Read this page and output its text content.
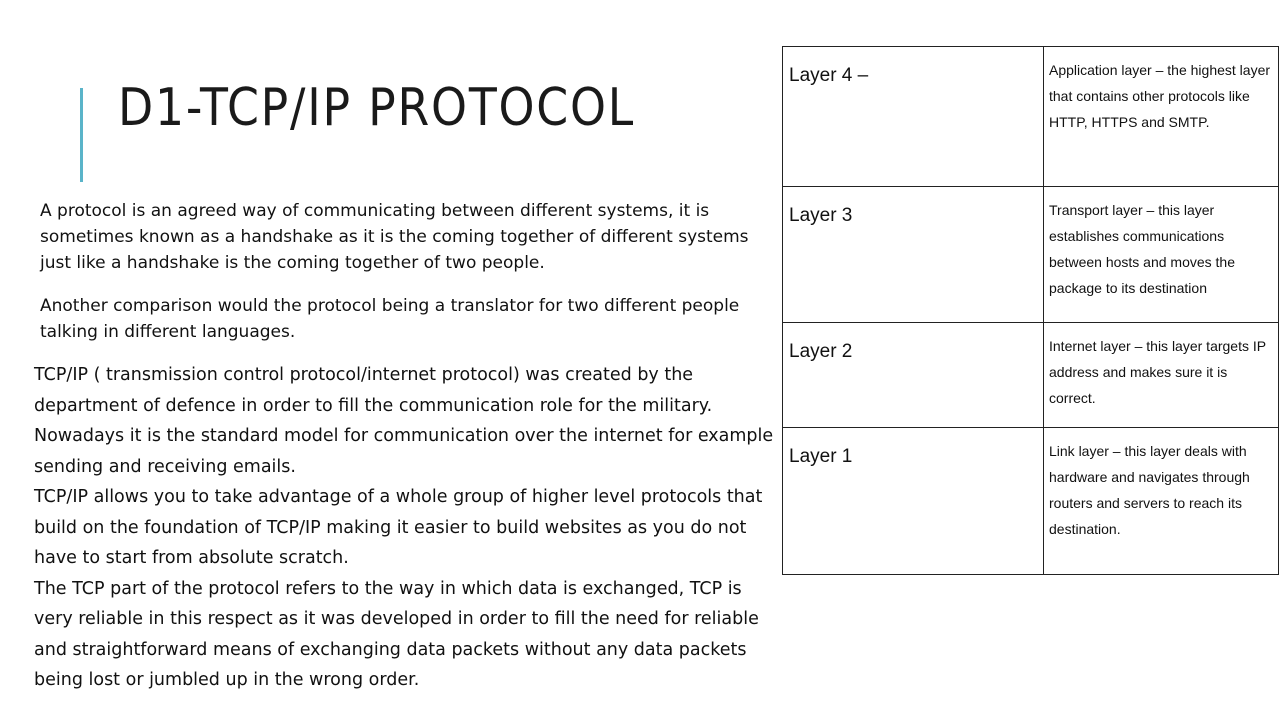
D1-TCP/IP PROTOCOL

A protocol is an agreed way of communicating between different systems, it is sometimes known as a handshake as it is the coming together of different systems just like a handshake is the coming together of two people.

Another comparison would the protocol being a translator for two different people talking in different languages.

TCP/IP ( transmission control protocol/internet protocol) was created by the department of defence in order to fill the communication role for the military. Nowadays it is the standard model for communication over the internet for example sending and receiving emails.

TCP/IP allows you to take advantage of a whole group of higher level protocols that build on the foundation of TCP/IP making it easier to build websites as you do not have to start from absolute scratch.

The TCP part of the protocol refers to the way in which data is exchanged, TCP is very reliable in this respect as it was developed in order to fill the need for reliable and straightforward means of exchanging data packets without any data packets being lost or jumbled up in the wrong order.

Layer 4 –	Application layer – the highest layer that contains other protocols like HTTP, HTTPS and SMTP.
Layer 3	Transport layer – this layer establishes communications between hosts and moves the package to its destination
Layer 2	Internet layer – this layer targets IP address and makes sure it is correct.
Layer 1	Link layer – this layer deals with hardware and navigates through routers and servers to reach its destination.
